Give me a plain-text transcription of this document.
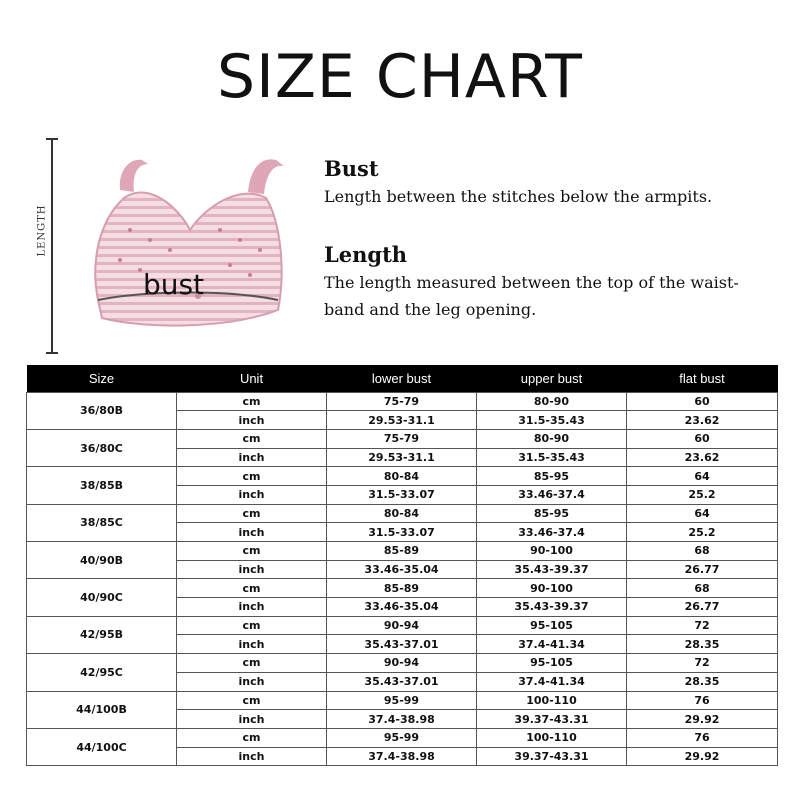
SIZE CHART
LENGTH
bust
Bust

Length between the stitches below the armpits.

Length

The length measured between the top of the waist-

band and the leg opening.

Size	Unit	lower bust	upper bust	flat bust
36/80B	cm	75-79	80-90	60
	inch	29.53-31.1	31.5-35.43	23.62
36/80C	cm	75-79	80-90	60
	inch	29.53-31.1	31.5-35.43	23.62
38/85B	cm	80-84	85-95	64
	inch	31.5-33.07	33.46-37.4	25.2
38/85C	cm	80-84	85-95	64
	inch	31.5-33.07	33.46-37.4	25.2
40/90B	cm	85-89	90-100	68
	inch	33.46-35.04	35.43-39.37	26.77
40/90C	cm	85-89	90-100	68
	inch	33.46-35.04	35.43-39.37	26.77
42/95B	cm	90-94	95-105	72
	inch	35.43-37.01	37.4-41.34	28.35
42/95C	cm	90-94	95-105	72
	inch	35.43-37.01	37.4-41.34	28.35
44/100B	cm	95-99	100-110	76
	inch	37.4-38.98	39.37-43.31	29.92
44/100C	cm	95-99	100-110	76
	inch	37.4-38.98	39.37-43.31	29.92
